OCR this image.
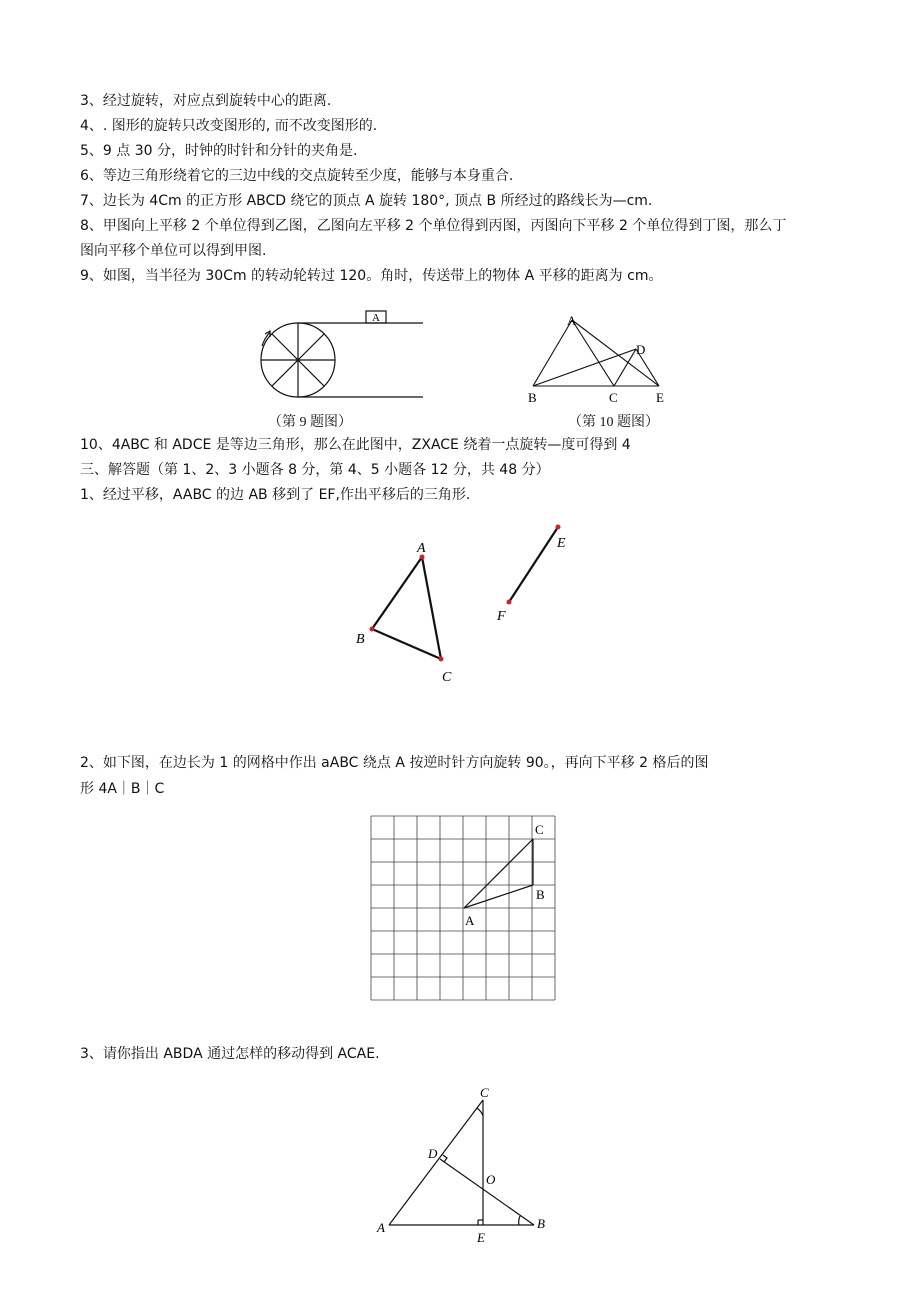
3、经过旋转，对应点到旋转中心的距离.
4、. 图形的旋转只改变图形的, 而不改变图形的.
5、9 点 30 分，时钟的时针和分针的夹角是.
6、等边三角形绕着它的三边中线的交点旋转至少度，能够与本身重合.
7、边长为 4Cm 的正方形 ABCD 绕它的顶点 A 旋转 180°, 顶点 B 所经过的路线长为—cm.
8、甲图向上平移 2 个单位得到乙图，乙图向左平移 2 个单位得到丙图，丙图向下平移 2 个单位得到丁图，那么丁
图向平移个单位可以得到甲图.
9、如图，当半径为 30Cm 的转动轮转过 120。角时，传送带上的物体 A 平移的距离为 cm。
A
（第 9 题图）
A
B	C
D
E
（第 10 题图）
10、4ABC 和 ADCE 是等边三角形，那么在此图中，ZXACE 绕着一点旋转—度可得到 4
三、解答题（第 1、2、3 小题各 8 分，第 4、5 小题各 12 分，共 48 分）
1、经过平移，AABC 的边 AB 移到了 EF,作出平移后的三角形.
A
B
C
E
F
2、如下图，在边长为 1 的网格中作出 aABC 绕点 A 按逆时针方向旋转 90。，再向下平移 2 格后的图
形 4A｜B｜C
A
B
C
3、请你指出 ABDA 通过怎样的移动得到 ACAE.
C
D
O
A	B
E
